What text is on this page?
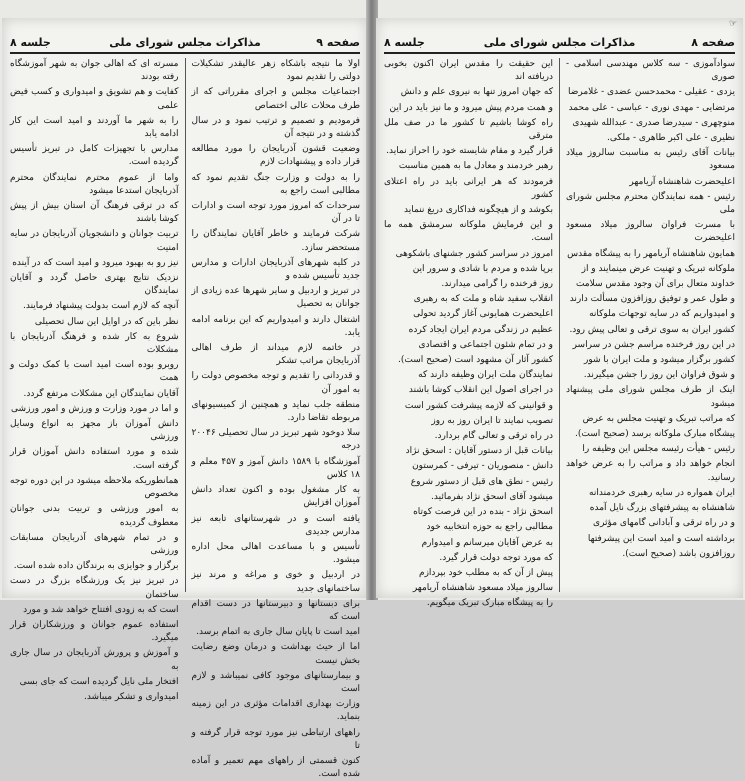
صفحه ۹
مذاکرات مجلس شورای ملی
جلسه ۸

اولا ما نتیجه باشکاه زهر عالیقدر تشکیلات دولتی را تقدیم نمود

اجتماعیات مجلس و اجرای مقرراتی که از طرف محلات عالی اختصاص

فرمودیم و تصمیم و ترتیب نمود و در سال گذشته و در نتیجه آن

وضعیت قشون آذربایجان را مورد مطالعه قرار داده و پیشنهادات لازم

را به دولت و وزارت جنگ تقدیم نمود که مطالبی است راجع به

سرحدات که امروز مورد توجه است و ادارات تا در آن

شرکت فرمایند و خاطر آقایان نمایندگان را مستحضر سازد.

در کلیه شهرهای آذربایجان ادارات و مدارس جدید تأسیس شده و

در تبریز و اردبیل و سایر شهرها عده زیادی از جوانان به تحصیل

اشتغال دارند و امیدواریم که این برنامه ادامه یابد.

در خاتمه لازم میداند از طرف اهالی آذربایجان مراتب تشکر

و قدردانی را تقدیم و توجه مخصوص دولت را به امور آن

منطقه جلب نماید و همچنین از کمیسیونهای مربوطه تقاضا دارد.

سلا دوخود شهر تبریز در سال تحصیلی ۲۰۰۴۶ درجه

آموزشگاه با ۱۵۸۹ دانش آموز و ۴۵۷ معلم و ۱۸ کلاس

به کار مشغول بوده و اکنون تعداد دانش آموزان افزایش

یافته است و در شهرستانهای تابعه نیز مدارس جدیدی

تأسیس و با مساعدت اهالی محل اداره میشود.

در اردبیل و خوی و مراغه و مرند نیز ساختمانهای جدید

برای دبستانها و دبیرستانها در دست اقدام است که

امید است تا پایان سال جاری به اتمام برسد.

اما از حیث بهداشت و درمان وضع رضایت بخش نیست

و بیمارستانهای موجود کافی نمیباشد و لازم است

وزارت بهداری اقدامات مؤثری در این زمینه بنماید.

راههای ارتباطی نیز مورد توجه قرار گرفته و تا

کنون قسمتی از راههای مهم تعمیر و آماده شده است.

مسرته ای که اهالی جوان به شهر آموزشگاه رفته بودند

کفایت و هم تشویق و امیدواری و کسب فیض علمی

را به شهر ما آوردند و امید است این کار ادامه یابد

مدارس با تجهیزات کامل در تبریز تأسیس گردیده است.

واما از عموم محترم نمایندگان محترم آذربایجان استدعا میشود

که در ترقی فرهنگ آن استان بیش از پیش کوشا باشند

تربیت جوانان و دانشجویان آذربایجان در سایه امنیت

نیز رو به بهبود میرود و امید است که در آینده

نزدیک نتایج بهتری حاصل گردد و آقایان نمایندگان

آنچه که لازم است بدولت پیشنهاد فرمایند.

نظر باین که در اوایل این سال تحصیلی

شروع به کار شده و فرهنگ آذربایجان با مشکلات

روبرو بوده است امید است با کمک دولت و همت

آقایان نمایندگان این مشکلات مرتفع گردد.

و اما در مورد وزارت و ورزش و امور ورزشی

دانش آموزان باز مجهز به انواع وسایل ورزشی

شده و مورد استفاده دانش آموزان قرار گرفته است.

همانطوریکه ملاحظه میشود در این دوره توجه مخصوص

به امور ورزشی و تربیت بدنی جوانان معطوف گردیده

و در تمام شهرهای آذربایجان مسابقات ورزشی

برگزار و جوایزی به برندگان داده شده است.

در تبریز نیز یک ورزشگاه بزرگ در دست ساختمان

است که به زودی افتتاح خواهد شد و مورد

استفاده عموم جوانان و ورزشکاران قرار میگیرد.

و آموزش و پرورش آذربایجان در سال جاری به

افتخار ملی نایل گردیده است که جای بسی

امیدواری و تشکر میباشد.

☞
صفحه ۸
مذاکرات مجلس شورای ملی
جلسه ۸

سوادآموزی - سه کلاس مهندسی اسلامی - صوری

یزدی - عقیلی - محمدحسن عضدی - غلامرضا

مرتضایی - مهدی نوری - عباسی - علی محمد

منوچهری - سیدرضا صدری - عبدالله شهیدی

نظیری - علی اکبر طاهری - ملکی.

بیانات آقای رئیس به مناسبت سالروز میلاد مسعود

اعلیحضرت شاهنشاه آریامهر

رئیس - همه نمایندگان محترم مجلس شورای ملی

با مسرت فراوان سالروز میلاد مسعود اعلیحضرت

همایون شاهنشاه آریامهر را به پیشگاه مقدس

ملوکانه تبریک و تهنیت عرض مینمایند و از

خداوند متعال برای آن وجود مقدس سلامت

و طول عمر و توفیق روزافزون مسألت دارند

و امیدواریم که در سایه توجهات ملوکانه

کشور ایران به سوی ترقی و تعالی پیش رود.

در این روز فرخنده مراسم جشن در سراسر

کشور برگزار میشود و ملت ایران با شور

و شوق فراوان این روز را جشن میگیرند.

اینک از طرف مجلس شورای ملی پیشنهاد میشود

که مراتب تبریک و تهنیت مجلس به عرض

پیشگاه مبارک ملوکانه برسد (صحیح است).

رئیس - هیأت رئیسه مجلس این وظیفه را

انجام خواهد داد و مراتب را به عرض خواهد رسانید.

ایران همواره در سایه رهبری خردمندانه

شاهنشاه به پیشرفتهای بزرگ نایل آمده

و در راه ترقی و آبادانی گامهای مؤثری

برداشته است و امید است این پیشرفتها

روزافزون باشد (صحیح است).

این حقیقت را مقدس ایران اکنون بخوبی دریافته اند

که جهان امروز تنها به نیروی علم و دانش

و همت مردم پیش میرود و ما نیز باید در این

راه کوشا باشیم تا کشور ما در صف ملل مترقی

قرار گیرد و مقام شایسته خود را احراز نماید.

رهبر خردمند و معادل ما به همین مناسبت

فرمودند که هر ایرانی باید در راه اعتلای کشور

بکوشد و از هیچگونه فداکاری دریغ ننماید

و این فرمایش ملوکانه سرمشق همه ما است.

امروز در سراسر کشور جشنهای باشکوهی

برپا شده و مردم با شادی و سرور این

روز فرخنده را گرامی میدارند.

انقلاب سفید شاه و ملت که به رهبری

اعلیحضرت همایونی آغاز گردید تحولی

عظیم در زندگی مردم ایران ایجاد کرده

و در تمام شئون اجتماعی و اقتصادی

کشور آثار آن مشهود است (صحیح است).

نمایندگان ملت ایران وظیفه دارند که

در اجرای اصول این انقلاب کوشا باشند

و قوانینی که لازمه پیشرفت کشور است

تصویب نمایند تا ایران روز به روز

در راه ترقی و تعالی گام بردارد.

بیانات قبل از دستور آقایان : اسحق نژاد

دانش - منصوریان - تیرفی - کمرستون

رئیس - نطق های قبل از دستور شروع

میشود آقای اسحق نژاد بفرمائید.

اسحق نژاد - بنده در این فرصت کوتاه

مطالبی راجع به حوزه انتخابیه خود

به عرض آقایان میرسانم و امیدوارم

که مورد توجه دولت قرار گیرد.

پیش از آن که به مطلب خود بپردازم

سالروز میلاد مسعود شاهنشاه آریامهر

را به پیشگاه مبارک تبریک میگویم.
